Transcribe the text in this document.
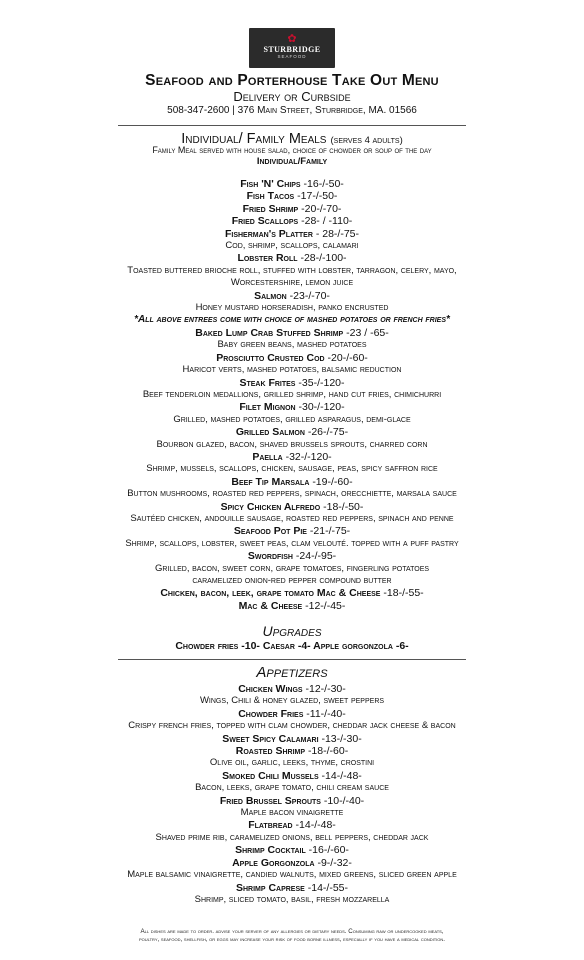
✿
STURBRIDGE
SEAFOOD
Seafood and Porterhouse Take Out Menu
Delivery or Curbside
508-347-2600 | 376 Main Street, Sturbridge, MA. 01566
Individual/ Family Meals (serves 4 adults)
Family Meal served with house salad, choice of chowder or soup of the day
Individual/Family
Fish 'N' Chips -16-/-50-
Fish Tacos -17-/-50-
Fried Shrimp -20-/-70-
Fried Scallops -28- / -110-
Fisherman's Platter - 28-/-75-
Cod, shrimp, scallops, calamari
Lobster Roll -28-/-100-
Toasted buttered brioche roll, stuffed with lobster, tarragon, celery, mayo,
Worcestershire, lemon juice
Salmon -23-/-70-
Honey mustard horseradish, panko encrusted
*All above entrees come with choice of mashed potatoes or french fries*
Baked Lump Crab Stuffed Shrimp -23 / -65-
Baby green beans, mashed potatoes
Prosciutto Crusted Cod -20-/-60-
Haricot verts, mashed potatoes, balsamic reduction
Steak Frites -35-/-120-
Beef tenderloin medallions, grilled shrimp, hand cut fries, chimichurri
Filet Mignon -30-/-120-
Grilled, mashed potatoes, grilled asparagus, demi-glace
Grilled Salmon -26-/-75-
Bourbon glazed, bacon, shaved brussels sprouts, charred corn
Paella -32-/-120-
Shrimp, mussels, scallops, chicken, sausage, peas, spicy saffron rice
Beef Tip Marsala -19-/-60-
Button mushrooms, roasted red peppers, spinach, orecchiette, marsala sauce
Spicy Chicken Alfredo -18-/-50-
Sautéed chicken, andouille sausage, roasted red peppers, spinach and penne
Seafood Pot Pie -21-/-75-
Shrimp, scallops, lobster, sweet peas, clam velouté. topped with a puff pastry
Swordfish -24-/-95-
Grilled, bacon, sweet corn, grape tomatoes, fingerling potatoes
caramelized onion-red pepper compound butter
Chicken, bacon, leek, grape tomato Mac & Cheese -18-/-55-
Mac & Cheese -12-/-45-
Upgrades
Chowder fries -10- Caesar -4- Apple gorgonzola -6-
Appetizers
Chicken Wings -12-/-30-
Wings, Chili & honey glazed, sweet peppers
Chowder Fries -11-/-40-
Crispy french fries, topped with clam chowder, cheddar jack cheese & bacon
Sweet Spicy Calamari -13-/-30-
Roasted Shrimp -18-/-60-
Olive oil, garlic, leeks, thyme, crostini
Smoked Chili Mussels -14-/-48-
Bacon, leeks, grape tomato, chili cream sauce
Fried Brussel Sprouts -10-/-40-
Maple bacon vinaigrette
Flatbread -14-/-48-
Shaved prime rib, caramelized onions, bell peppers, cheddar jack
Shrimp Cocktail -16-/-60-
Apple Gorgonzola -9-/-32-
Maple balsamic vinaigrette, candied walnuts, mixed greens, sliced green apple
Shrimp Caprese -14-/-55-
Shrimp, sliced tomato, basil, fresh mozzarella
All dishes are made to order. advise your server of any allergies or dietary needs. Consuming raw or undercooked meats,
poultry, seafood, shellfish, or eggs may increase your risk of food borne illness, especially if you have a medical condition.
